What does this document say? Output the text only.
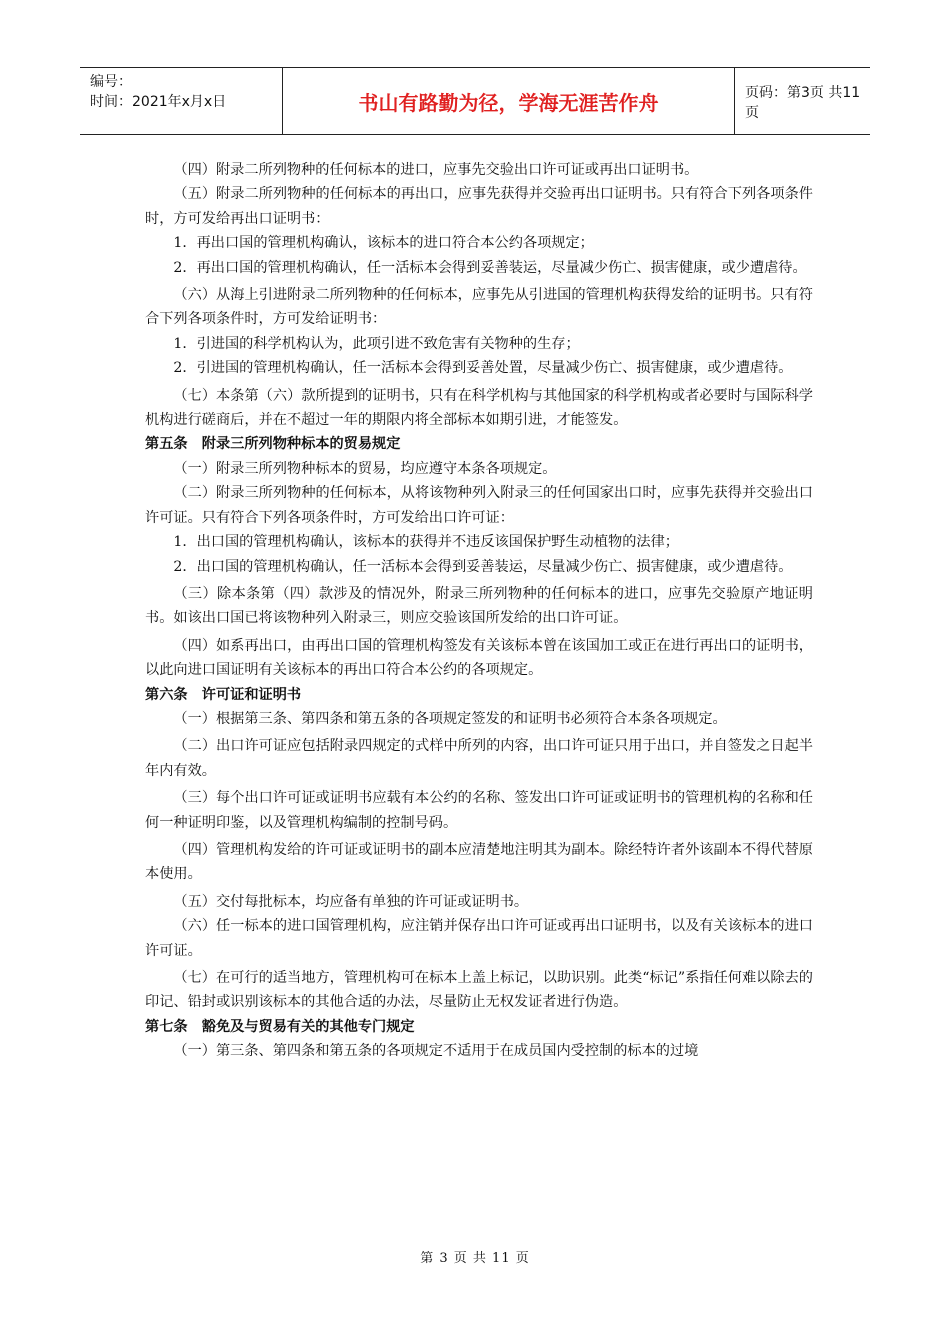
编号：
时间：2021年x月x日	书山有路勤为径，学海无涯苦作舟	页码：第3页 共11页

（四）附录二所列物种的任何标本的进口，应事先交验出口许可证或再出口证明书。

（五）附录二所列物种的任何标本的再出口，应事先获得并交验再出口证明书。只有符合下列各项条件时，方可发给再出口证明书：

1．再出口国的管理机构确认，该标本的进口符合本公约各项规定；

2．再出口国的管理机构确认，任一活标本会得到妥善装运，尽量减少伤亡、损害健康，或少遭虐待。

（六）从海上引进附录二所列物种的任何标本，应事先从引进国的管理机构获得发给的证明书。只有符合下列各项条件时，方可发给证明书：

1．引进国的科学机构认为，此项引进不致危害有关物种的生存；

2．引进国的管理机构确认，任一活标本会得到妥善处置，尽量减少伤亡、损害健康，或少遭虐待。

（七）本条第（六）款所提到的证明书，只有在科学机构与其他国家的科学机构或者必要时与国际科学机构进行磋商后，并在不超过一年的期限内将全部标本如期引进，才能签发。

第五条　附录三所列物种标本的贸易规定

（一）附录三所列物种标本的贸易，均应遵守本条各项规定。

（二）附录三所列物种的任何标本，从将该物种列入附录三的任何国家出口时，应事先获得并交验出口许可证。只有符合下列各项条件时，方可发给出口许可证：

1．出口国的管理机构确认，该标本的获得并不违反该国保护野生动植物的法律；

2．出口国的管理机构确认，任一活标本会得到妥善装运，尽量减少伤亡、损害健康，或少遭虐待。

（三）除本条第（四）款涉及的情况外，附录三所列物种的任何标本的进口，应事先交验原产地证明书。如该出口国已将该物种列入附录三，则应交验该国所发给的出口许可证。

（四）如系再出口，由再出口国的管理机构签发有关该标本曾在该国加工或正在进行再出口的证明书，以此向进口国证明有关该标本的再出口符合本公约的各项规定。

第六条　许可证和证明书

（一）根据第三条、第四条和第五条的各项规定签发的和证明书必须符合本条各项规定。

（二）出口许可证应包括附录四规定的式样中所列的内容，出口许可证只用于出口，并自签发之日起半年内有效。

（三）每个出口许可证或证明书应载有本公约的名称、签发出口许可证或证明书的管理机构的名称和任何一种证明印鉴，以及管理机构编制的控制号码。

（四）管理机构发给的许可证或证明书的副本应清楚地注明其为副本。除经特许者外该副本不得代替原本使用。

（五）交付每批标本，均应备有单独的许可证或证明书。

（六）任一标本的进口国管理机构，应注销并保存出口许可证或再出口证明书，以及有关该标本的进口许可证。

（七）在可行的适当地方，管理机构可在标本上盖上标记，以助识别。此类“标记”系指任何难以除去的印记、铅封或识别该标本的其他合适的办法，尽量防止无权发证者进行伪造。

第七条　豁免及与贸易有关的其他专门规定

（一）第三条、第四条和第五条的各项规定不适用于在成员国内受控制的标本的过境

第 3 页 共 11 页
